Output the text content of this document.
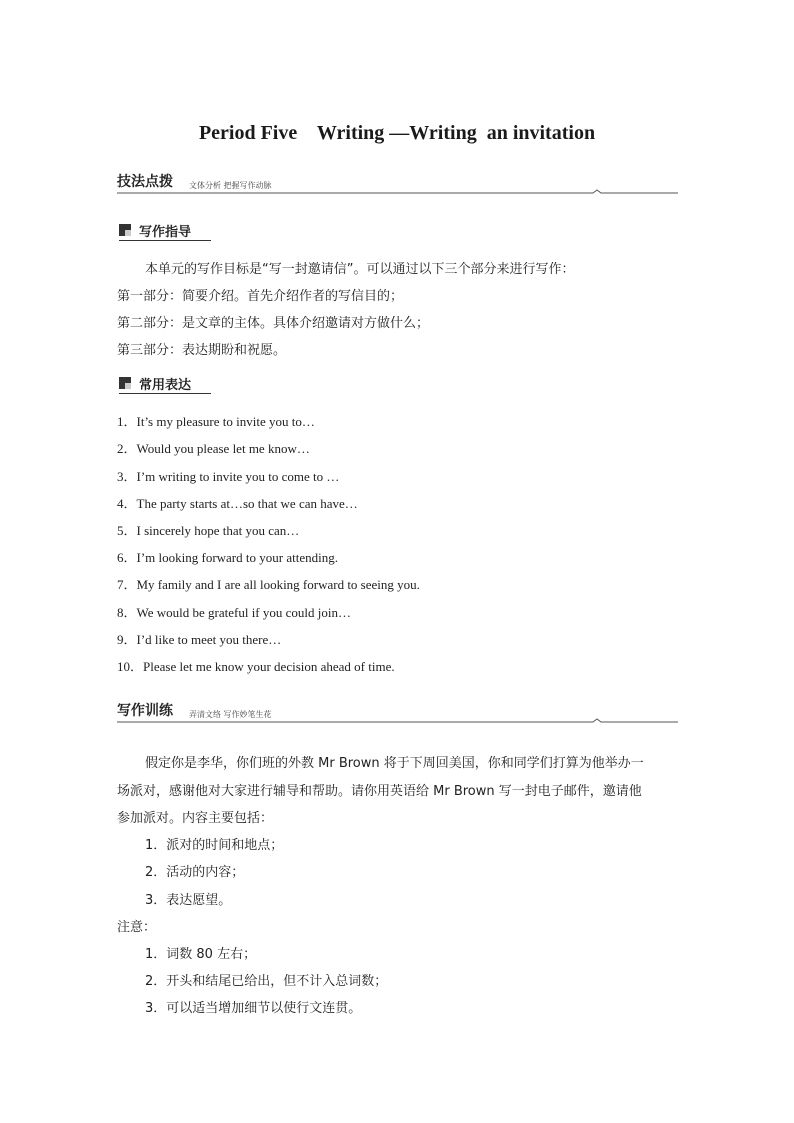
Period Five    Writing —Writing  an invitation
技法点拨 文体分析 把握写作动脉
写作指导
本单元的写作目标是“写一封邀请信”。可以通过以下三个部分来进行写作：
第一部分：简要介绍。首先介绍作者的写信目的；
第二部分：是文章的主体。具体介绍邀请对方做什么；
第三部分：表达期盼和祝愿。
常用表达
1．It’s my pleasure to invite you to…
2．Would you please let me know…
3．I’m writing to invite you to come to …
4．The party starts at…so that we can have…
5．I sincerely hope that you can…
6．I’m looking forward to your attending.
7．My family and I are all looking forward to seeing you.
8．We would be grateful if you could join…
9．I’d like to meet you there…
10．Please let me know your decision ahead of time.
写作训练 弄清文络 写作妙笔生花
假定你是李华，你们班的外教 Mr Brown 将于下周回美国，你和同学们打算为他举办一
场派对，感谢他对大家进行辅导和帮助。请你用英语给 Mr Brown 写一封电子邮件，邀请他
参加派对。内容主要包括：
1．派对的时间和地点；
2．活动的内容；
3．表达愿望。
注意：
1．词数 80 左右；
2．开头和结尾已给出，但不计入总词数；
3．可以适当增加细节以使行文连贯。
